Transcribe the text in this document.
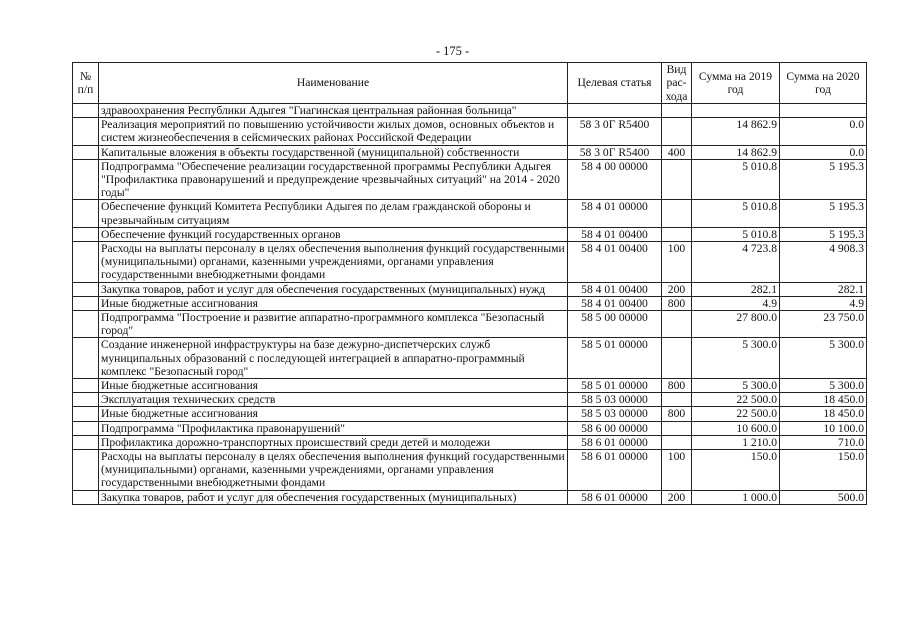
- 175 -
№ п/п	Наименование	Целевая статья	Вид рас-хода	Сумма на 2019 год	Сумма на 2020 год
	здравоохранения Республики Адыгея "Гиагинская центральная районная больница"				
	Реализация мероприятий по повышению устойчивости жилых домов, основных объектов и систем жизнеобеспечения в сейсмических районах Российской Федерации	58 3 0Г R5400		14 862.9	0.0
	Капитальные вложения в объекты государственной (муниципальной) собственности	58 3 0Г R5400	400	14 862.9	0.0
	Подпрограмма "Обеспечение реализации государственной программы Республики Адыгея "Профилактика правонарушений и предупреждение чрезвычайных ситуаций" на 2014 - 2020 годы"	58 4 00 00000		5 010.8	5 195.3
	Обеспечение функций Комитета Республики Адыгея по делам гражданской обороны и чрезвычайным ситуациям	58 4 01 00000		5 010.8	5 195.3
	Обеспечение функций государственных органов	58 4 01 00400		5 010.8	5 195.3
	Расходы на выплаты персоналу в целях обеспечения выполнения функций государственными (муниципальными) органами, казенными учреждениями, органами управления государственными внебюджетными фондами	58 4 01 00400	100	4 723.8	4 908.3
	Закупка товаров, работ и услуг для обеспечения государственных (муниципальных) нужд	58 4 01 00400	200	282.1	282.1
	Иные бюджетные ассигнования	58 4 01 00400	800	4.9	4.9
	Подпрограмма "Построение и развитие аппаратно-программного комплекса "Безопасный город"	58 5 00 00000		27 800.0	23 750.0
	Создание инженерной инфраструктуры на базе дежурно-диспетчерских служб муниципальных образований с последующей интеграцией в аппаратно-программный комплекс "Безопасный город"	58 5 01 00000		5 300.0	5 300.0
	Иные бюджетные ассигнования	58 5 01 00000	800	5 300.0	5 300.0
	Эксплуатация технических средств	58 5 03 00000		22 500.0	18 450.0
	Иные бюджетные ассигнования	58 5 03 00000	800	22 500.0	18 450.0
	Подпрограмма "Профилактика правонарушений"	58 6 00 00000		10 600.0	10 100.0
	Профилактика дорожно-транспортных происшествий среди детей и молодежи	58 6 01 00000		1 210.0	710.0
	Расходы на выплаты персоналу в целях обеспечения выполнения функций государственными (муниципальными) органами, казенными учреждениями, органами управления государственными внебюджетными фондами	58 6 01 00000	100	150.0	150.0
	Закупка товаров, работ и услуг для обеспечения государственных (муниципальных)	58 6 01 00000	200	1 000.0	500.0
